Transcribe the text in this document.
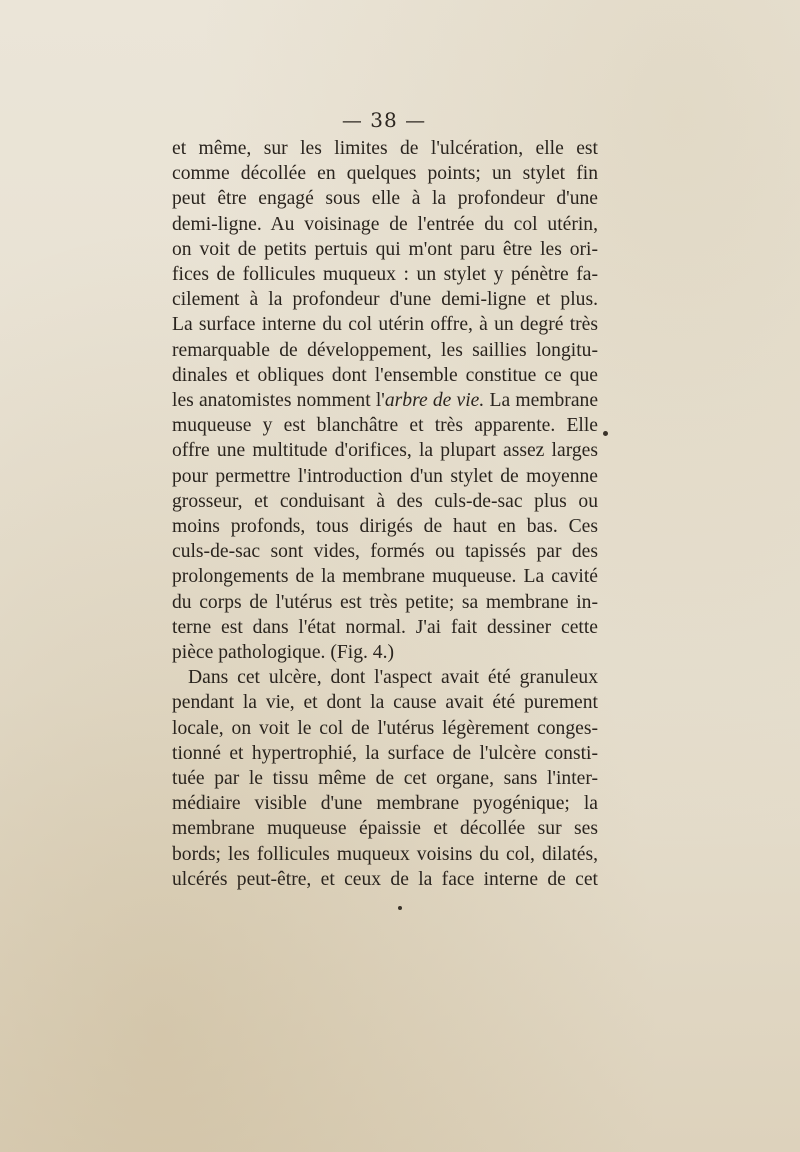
— 38 —
et même, sur les limites de l'ulcération, elle est
comme décollée en quelques points; un stylet fin
peut être engagé sous elle à la profondeur d'une
demi-ligne. Au voisinage de l'entrée du col utérin,
on voit de petits pertuis qui m'ont paru être les ori-
fices de follicules muqueux : un stylet y pénètre fa-
cilement à la profondeur d'une demi-ligne et plus.
La surface interne du col utérin offre, à un degré très
remarquable de développement, les saillies longitu-
dinales et obliques dont l'ensemble constitue ce que
les anatomistes nomment l'arbre de vie. La membrane
muqueuse y est blanchâtre et très apparente. Elle
offre une multitude d'orifices, la plupart assez larges
pour permettre l'introduction d'un stylet de moyenne
grosseur, et conduisant à des culs-de-sac plus ou
moins profonds, tous dirigés de haut en bas. Ces
culs-de-sac sont vides, formés ou tapissés par des
prolongements de la membrane muqueuse. La cavité
du corps de l'utérus est très petite; sa membrane in-
terne est dans l'état normal. J'ai fait dessiner cette
pièce pathologique. (Fig. 4.)
Dans cet ulcère, dont l'aspect avait été granuleux
pendant la vie, et dont la cause avait été purement
locale, on voit le col de l'utérus légèrement conges-
tionné et hypertrophié, la surface de l'ulcère consti-
tuée par le tissu même de cet organe, sans l'inter-
médiaire visible d'une membrane pyogénique; la
membrane muqueuse épaissie et décollée sur ses
bords; les follicules muqueux voisins du col, dilatés,
ulcérés peut-être, et ceux de la face interne de cet
